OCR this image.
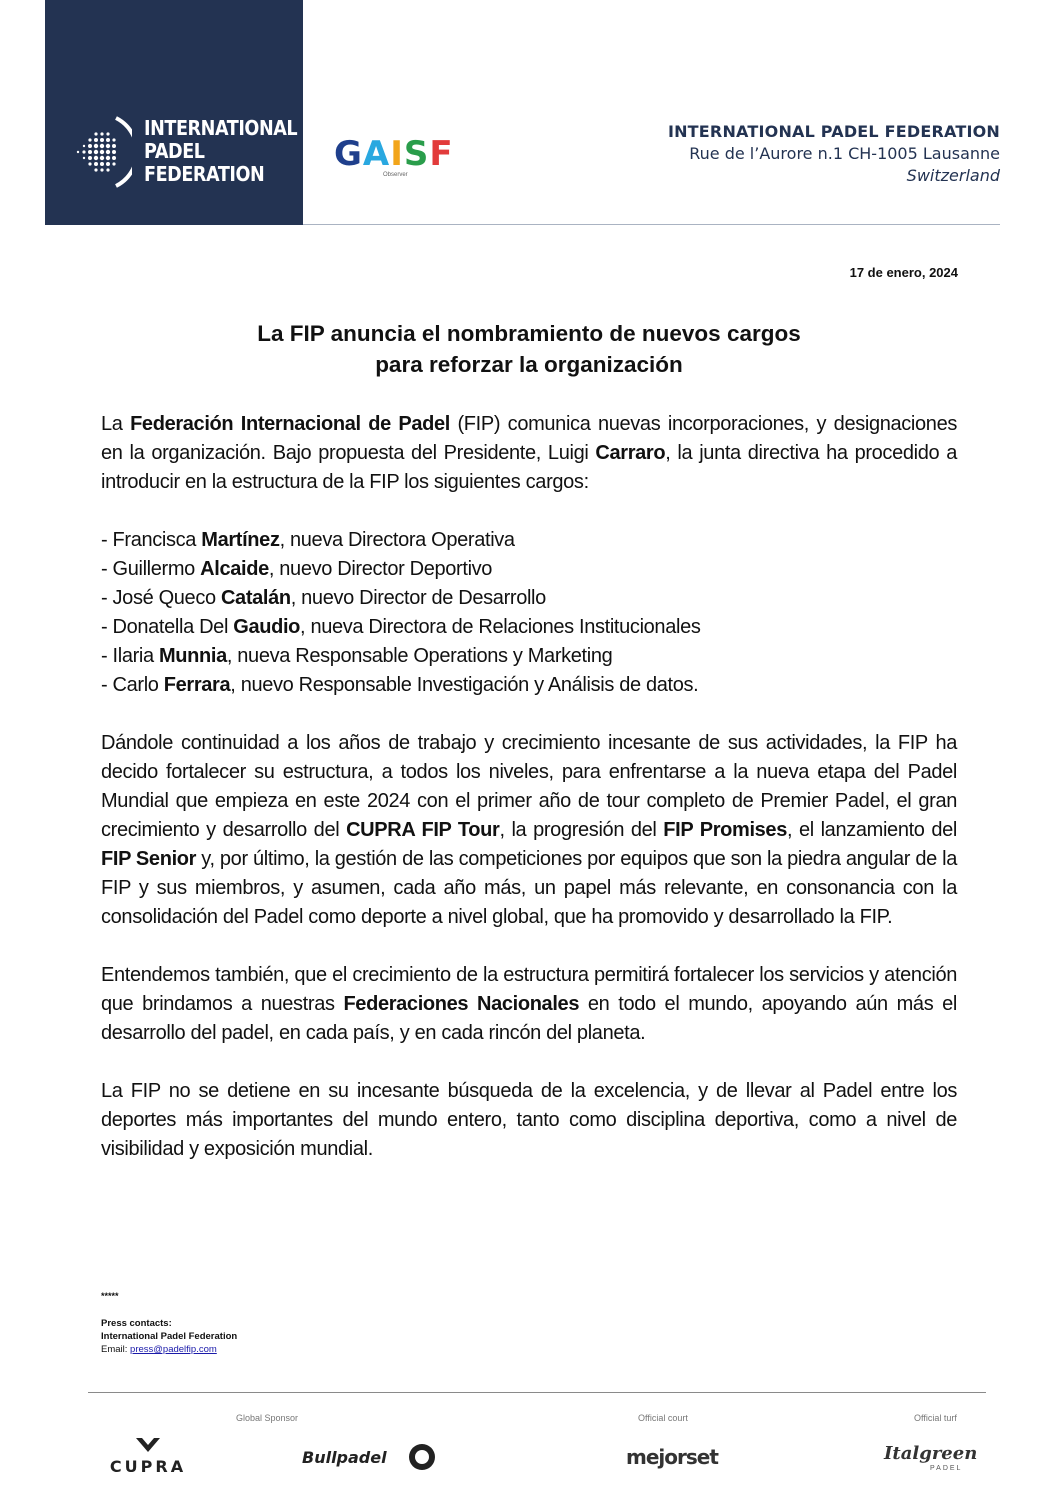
INTERNATIONAL
PADEL
FEDERATION	GAISF
Observer
INTERNATIONAL PADEL FEDERATION
Rue de l’Aurore n.1 CH-1005 Lausanne
Switzerland
17 de enero, 2024
La FIP anuncia el nombramiento de nuevos cargos
para reforzar la organización

La Federación Internacional de Padel (FIP) comunica nuevas incorporaciones, y designaciones en la organización. Bajo propuesta del Presidente, Luigi Carraro, la junta directiva ha procedido a introducir en la estructura de la FIP los siguientes cargos:

- Francisca Martínez, nueva Directora Operativa
- Guillermo Alcaide, nuevo Director Deportivo
- José Queco Catalán, nuevo Director de Desarrollo
- Donatella Del Gaudio, nueva Directora de Relaciones Institucionales
- Ilaria Munnia, nueva Responsable Operations y Marketing
- Carlo Ferrara, nuevo Responsable Investigación y Análisis de datos.

Dándole continuidad a los años de trabajo y crecimiento incesante de sus actividades, la FIP ha decido fortalecer su estructura, a todos los niveles, para enfrentarse a la nueva etapa del Padel Mundial que empieza en este 2024 con el primer año de tour completo de Premier Padel, el gran crecimiento y desarrollo del CUPRA FIP Tour, la progresión del FIP Promises, el lanzamiento del FIP Senior y, por último, la gestión de las competiciones por equipos que son la piedra angular de la FIP y sus miembros, y asumen, cada año más, un papel más relevante, en consonancia con la consolidación del Padel como deporte a nivel global, que ha promovido y desarrollado la FIP.

Entendemos también, que el crecimiento de la estructura permitirá fortalecer los servicios y atención que brindamos a nuestras Federaciones Nacionales en todo el mundo, apoyando aún más el desarrollo del padel, en cada país, y en cada rincón del planeta.

La FIP no se detiene en su incesante búsqueda de la excelencia, y de llevar al Padel entre los deportes más importantes del mundo entero, tanto como disciplina deportiva, como a nivel de visibilidad y exposición mundial.

*****
Press contacts:
International Padel Federation
Email: press@padelfip.com
Global Sponsor	Official court	Official turf
CUPRA	Bullpadel	mejorset	Italgreen
PADEL
